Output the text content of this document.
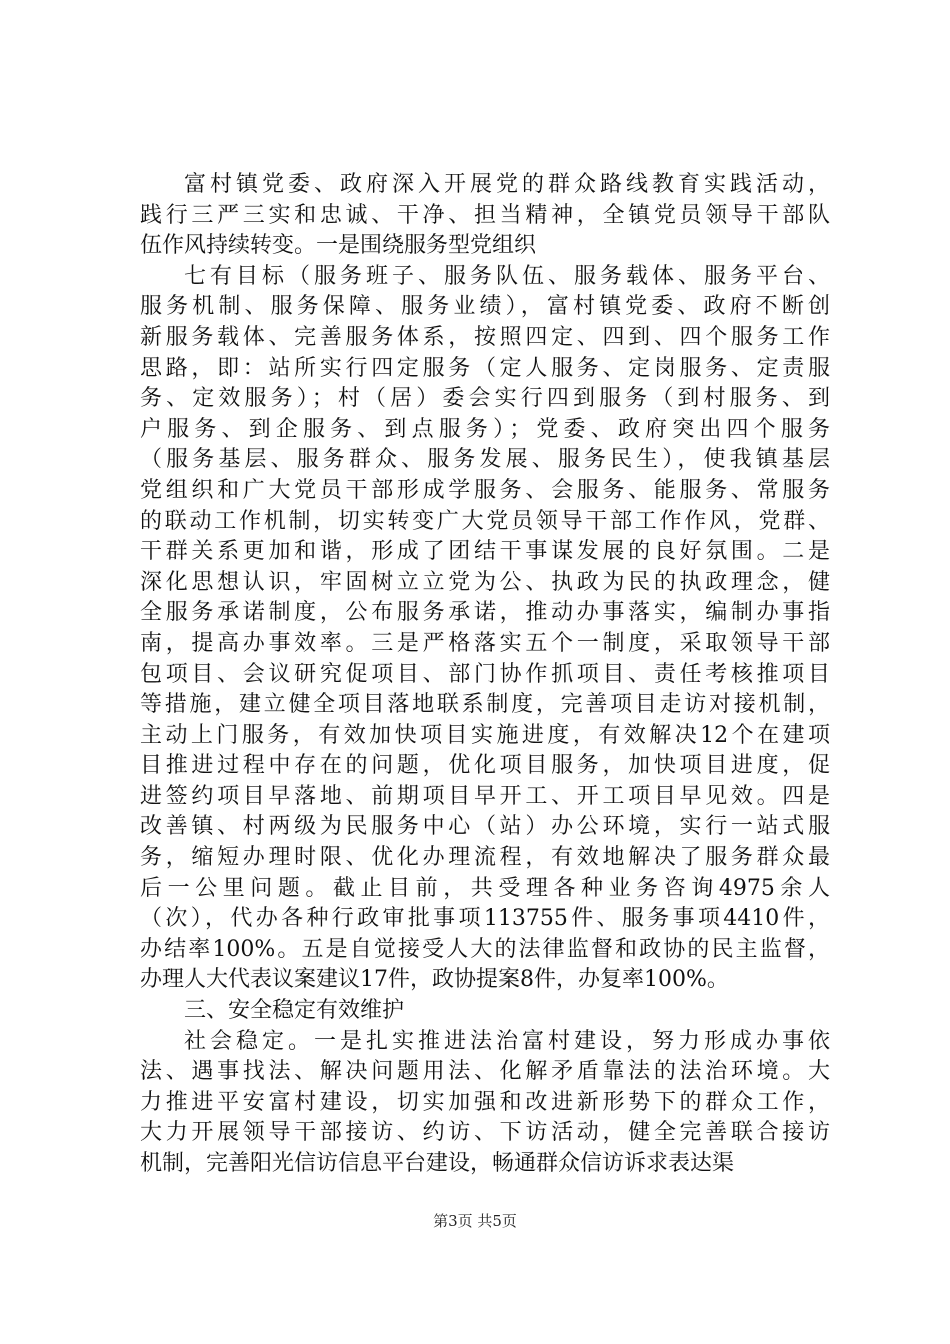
富村镇党委、政府深入开展党的群众路线教育实践活动，
践行三严三实和忠诚、干净、担当精神，全镇党员领导干部队
伍作风持续转变。一是围绕服务型党组织
七有目标（服务班子、服务队伍、服务载体、服务平台、
服务机制、服务保障、服务业绩），富村镇党委、政府不断创
新服务载体、完善服务体系，按照四定、四到、四个服务工作
思路，即：站所实行四定服务（定人服务、定岗服务、定责服
务、定效服务）；村（居）委会实行四到服务（到村服务、到
户服务、到企服务、到点服务）；党委、政府突出四个服务
（服务基层、服务群众、服务发展、服务民生），使我镇基层
党组织和广大党员干部形成学服务、会服务、能服务、常服务
的联动工作机制，切实转变广大党员领导干部工作作风，党群、
干群关系更加和谐，形成了团结干事谋发展的良好氛围。二是
深化思想认识，牢固树立立党为公、执政为民的执政理念，健
全服务承诺制度，公布服务承诺，推动办事落实，编制办事指
南，提高办事效率。三是严格落实五个一制度，采取领导干部
包项目、会议研究促项目、部门协作抓项目、责任考核推项目
等措施，建立健全项目落地联系制度，完善项目走访对接机制，
主动上门服务，有效加快项目实施进度，有效解决12个在建项
目推进过程中存在的问题，优化项目服务，加快项目进度，促
进签约项目早落地、前期项目早开工、开工项目早见效。四是
改善镇、村两级为民服务中心（站）办公环境，实行一站式服
务，缩短办理时限、优化办理流程，有效地解决了服务群众最
后一公里问题。截止目前，共受理各种业务咨询4975余人
（次），代办各种行政审批事项113755件、服务事项4410件，
办结率100%。五是自觉接受人大的法律监督和政协的民主监督，
办理人大代表议案建议17件，政协提案8件，办复率100%。
三、安全稳定有效维护
社会稳定。一是扎实推进法治富村建设，努力形成办事依
法、遇事找法、解决问题用法、化解矛盾靠法的法治环境。大
力推进平安富村建设，切实加强和改进新形势下的群众工作，
大力开展领导干部接访、约访、下访活动，健全完善联合接访
机制，完善阳光信访信息平台建设，畅通群众信访诉求表达渠
第3页 共5页
